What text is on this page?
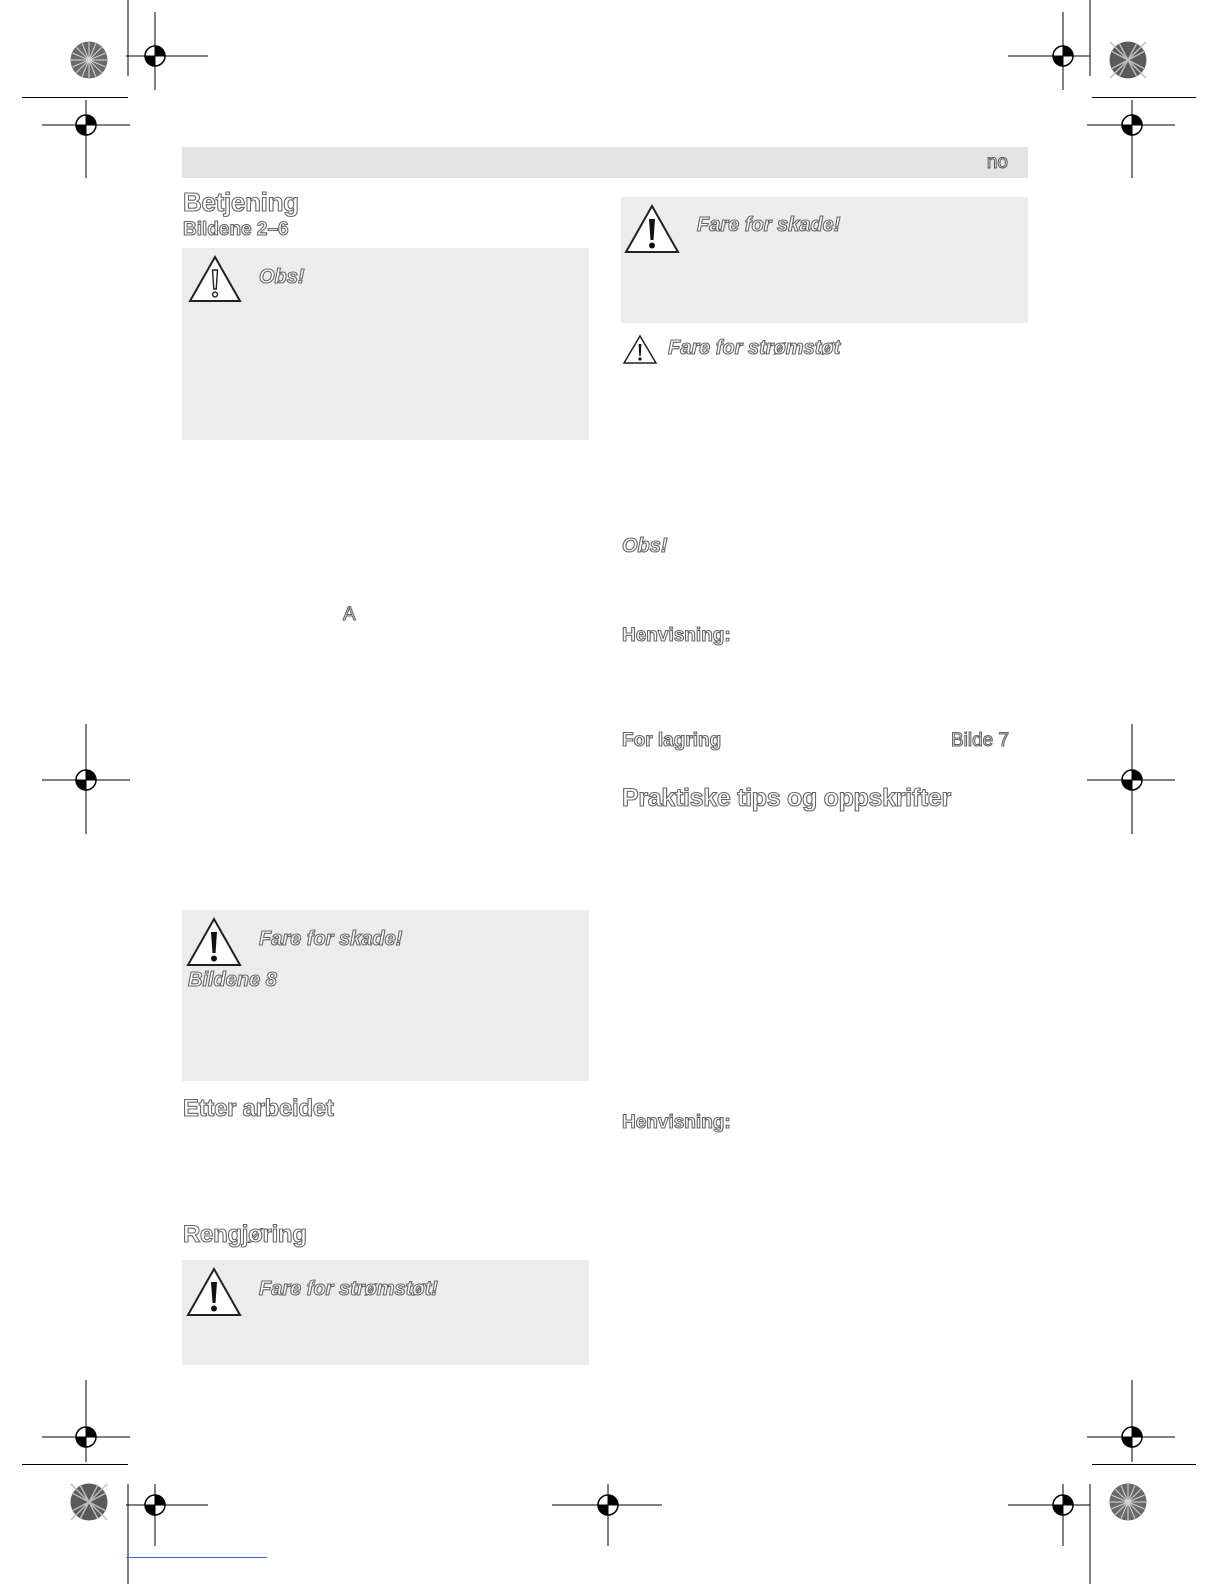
no
Betjening
Bildene 2–6
Obs!
A
Fare for skade!
Bildene 8
Etter arbeidet
Rengjøring
Fare for strømstøt!
Fare for skade!
Fare for strømstøt
Obs!
Henvisning:
For lagring	Bilde 7
Praktiske tips og oppskrifter
Henvisning:
